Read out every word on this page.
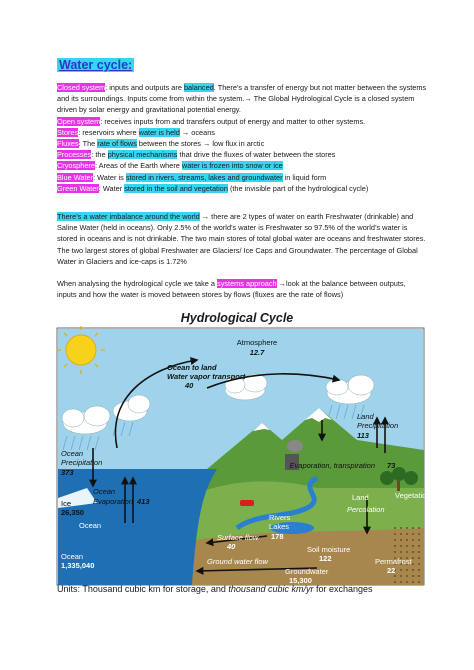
Water cycle:
Closed system: inputs and outputs are balanced. There’s a transfer of energy but not matter between the systems and its surroundings. Inputs come from within the system.→ The Global Hydrological Cycle is a closed system driven by solar energy and gravitational potential energy.
Open system: receives inputs from and transfers output of energy and matter to other systems.
Stores: reservoirs where water is held → oceans
Fluxes: The rate of flows between the stores → low flux in arctic
Processes: the physical mechanisms that drive the fluxes of water between the stores
Cryosphere: Areas of the Earth where water is frozen into snow or ice
Blue Water: Water is stored in rivers, streams, lakes and groundwater in liquid form
Green Water: Water stored in the soil and vegetation (the invisible part of the hydrological cycle)
There’s a water imbalance around the world → there are 2 types of water on earth Freshwater (drinkable) and Saline Water (held in oceans). Only 2.5% of the world’s water is Freshwater so 97.5% of the world’s water is stored in oceans and is not drinkable. The two main stores of total global water are oceans and freshwater stores. The two largest stores of global Freshwater are Glaciers/ Ice Caps and Groundwater. The percentage of Global Water in Glaciers and ice-caps is 1.72%
When analysing the hydrological cycle we take a systems approach →look at the balance between outputs, inputs and how the water is moved between stores by flows (fluxes are the rate of flows)
Hydrological Cycle
Atmosphere
12.7
Ocean to land
Water vapor transport
40
Land
Precipitation
113
Ocean
Precipitation
373
Evaporation, transpiration 73
Ocean
Evaporation 413
Ice
26,350
Ocean
Vegetation
Land
Percolation
Rivers
Lakes
178
Surface flow
40	Soil moisture
122
Ocean
1,335,040	Ground water flow
Groundwater
15,300
Permafrost
22
Units: Thousand cubic km for storage, and thousand cubic km/yr for exchanges
